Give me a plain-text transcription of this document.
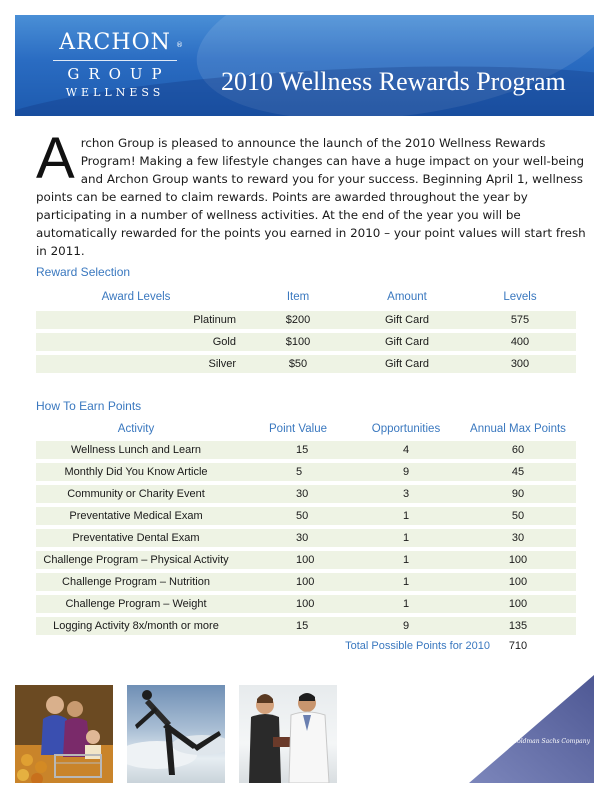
ARCHON ®
GROUP
WELLNESS	2010 Wellness Rewards Program
A rchon Group is pleased to announce the launch of the 2010 Wellness Rewards Program! Making a few lifestyle changes can have a huge impact on your well-being and Archon Group wants to reward you for your success. Beginning April 1, wellness points can be earned to claim rewards. Points are awarded throughout the year by participating in a number of wellness activities. At the end of the year you will be automatically rewarded for the points you earned in 2010 – your point values will start fresh in 2011.
Reward Selection
Award Levels	Item	Amount	Levels
Platinum	$200	Gift Card	575
Gold	$100	Gift Card	400
Silver	$50	Gift Card	300
How To Earn Points
Activity	Point Value	Opportunities	Annual Max Points
Wellness Lunch and Learn	15	4	60
Monthly Did You Know Article	5	9	45
Community or Charity Event	30	3	90
Preventative Medical Exam	50	1	50
Preventative Dental Exam	30	1	30
Challenge Program – Physical Activity	100	1	100
Challenge Program – Nutrition	100	1	100
Challenge Program – Weight	100	1	100
Logging Activity 8x/month or more	15	9	135
Total Possible Points for 2010	710
a Goldman Sachs Company
